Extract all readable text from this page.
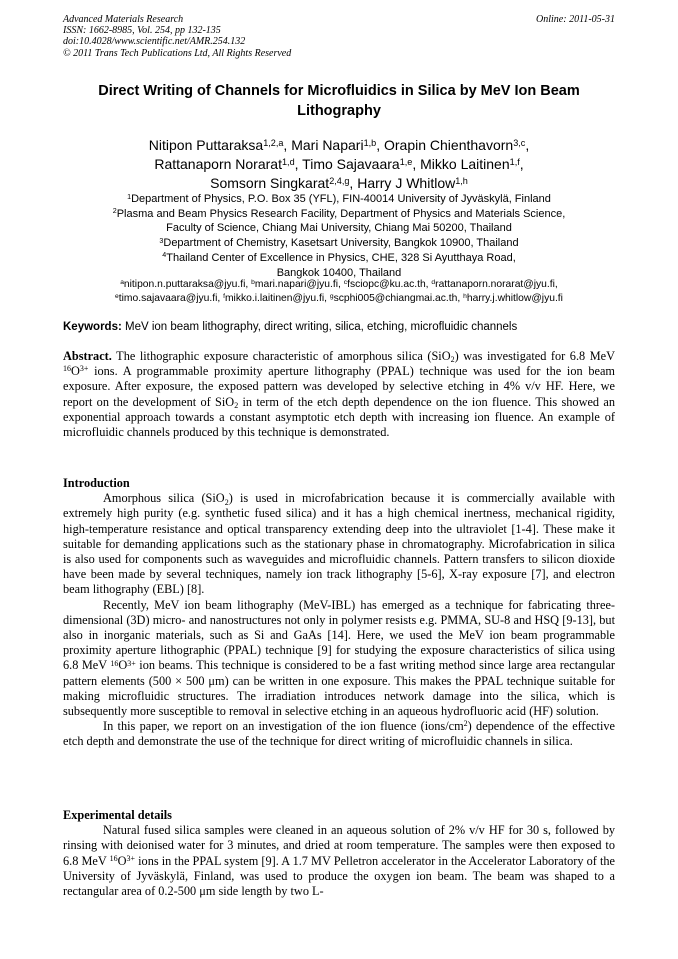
Advanced Materials Research
ISSN: 1662-8985, Vol. 254, pp 132-135
doi:10.4028/www.scientific.net/AMR.254.132
© 2011 Trans Tech Publications Ltd, All Rights Reserved
Online: 2011-05-31
Direct Writing of Channels for Microfluidics in Silica by MeV Ion Beam
Lithography
Nitipon Puttaraksa$^{1,2,a}$, Mari Napari$^{1,b}$, Orapin Chienthavorn$^{3,c}$,
Rattanaporn Norarat$^{1,d}$, Timo Sajavaara$^{1,e}$, Mikko Laitinen$^{1,f}$,
Somsorn Singkarat$^{2,4,g}$, Harry J Whitlow$^{1,h}$
$^1$Department of Physics, P.O. Box 35 (YFL), FIN-40014 University of Jyväskylä, Finland
$^2$Plasma and Beam Physics Research Facility, Department of Physics and Materials Science,
Faculty of Science, Chiang Mai University, Chiang Mai 50200, Thailand
$^3$Department of Chemistry, Kasetsart University, Bangkok 10900, Thailand
$^4$Thailand Center of Excellence in Physics, CHE, 328 Si Ayutthaya Road,
Bangkok 10400, Thailand
$^a$nitipon.n.puttaraksa@jyu.fi, $^b$mari.napari@jyu.fi, $^c$fsciopc@ku.ac.th, $^d$rattanaporn.norarat@jyu.fi,
$^e$timo.sajavaara@jyu.fi, $^f$mikko.i.laitinen@jyu.fi, $^g$scphi005@chiangmai.ac.th, $^h$harry.j.whitlow@jyu.fi
Keywords: MeV ion beam lithography, direct writing, silica, etching, microfluidic channels
Abstract. The lithographic exposure characteristic of amorphous silica (SiO$_2$) was investigated for 6.8 MeV $^{16}O^{3+}$ ions. A programmable proximity aperture lithography (PPAL) technique was used for the ion beam exposure. After exposure, the exposed pattern was developed by selective etching in 4% v/v HF. Here, we report on the development of SiO$_2$ in term of the etch depth dependence on the ion fluence. This showed an exponential approach towards a constant asymptotic etch depth with increasing ion fluence. An example of microfluidic channels produced by this technique is demonstrated.
Introduction

Amorphous silica (SiO$_2$) is used in microfabrication because it is commercially available with extremely high purity (e.g. synthetic fused silica) and it has a high chemical inertness, mechanical rigidity, high-temperature resistance and optical transparency extending deep into the ultraviolet [1-4]. These make it suitable for demanding applications such as the stationary phase in chromatography. Microfabrication in silica is also used for components such as waveguides and microfluidic channels. Pattern transfers to silicon dioxide have been made by several techniques, namely ion track lithography [5-6], X-ray exposure [7], and electron beam lithography (EBL) [8].

Recently, MeV ion beam lithography (MeV-IBL) has emerged as a technique for fabricating three-dimensional (3D) micro- and nanostructures not only in polymer resists e.g. PMMA, SU-8 and HSQ [9-13], but also in inorganic materials, such as Si and GaAs [14]. Here, we used the MeV ion beam programmable proximity aperture lithographic (PPAL) technique [9] for studying the exposure characteristics of silica using 6.8 MeV $^{16}O^{3+}$ ion beams. This technique is considered to be a fast writing method since large area rectangular pattern elements (500 × 500 μm) can be written in one exposure. This makes the PPAL technique suitable for making microfluidic structures. The irradiation introduces network damage into the silica, which is subsequently more susceptible to removal in selective etching in an aqueous hydrofluoric acid (HF) solution.

In this paper, we report on an investigation of the ion fluence $(ions/cm^2)$ dependence of the effective etch depth and demonstrate the use of the technique for direct writing of microfluidic channels in silica.

Experimental details

Natural fused silica samples were cleaned in an aqueous solution of 2% v/v HF for 30 s, followed by rinsing with deionised water for 3 minutes, and dried at room temperature. The samples were then exposed to 6.8 MeV $^{16}O^{3+}$ ions in the PPAL system [9]. A 1.7 MV Pelletron accelerator in the Accelerator Laboratory of the University of Jyväskylä, Finland, was used to produce the oxygen ion beam. The beam was shaped to a rectangular area of 0.2-500 μm side length by two L-
